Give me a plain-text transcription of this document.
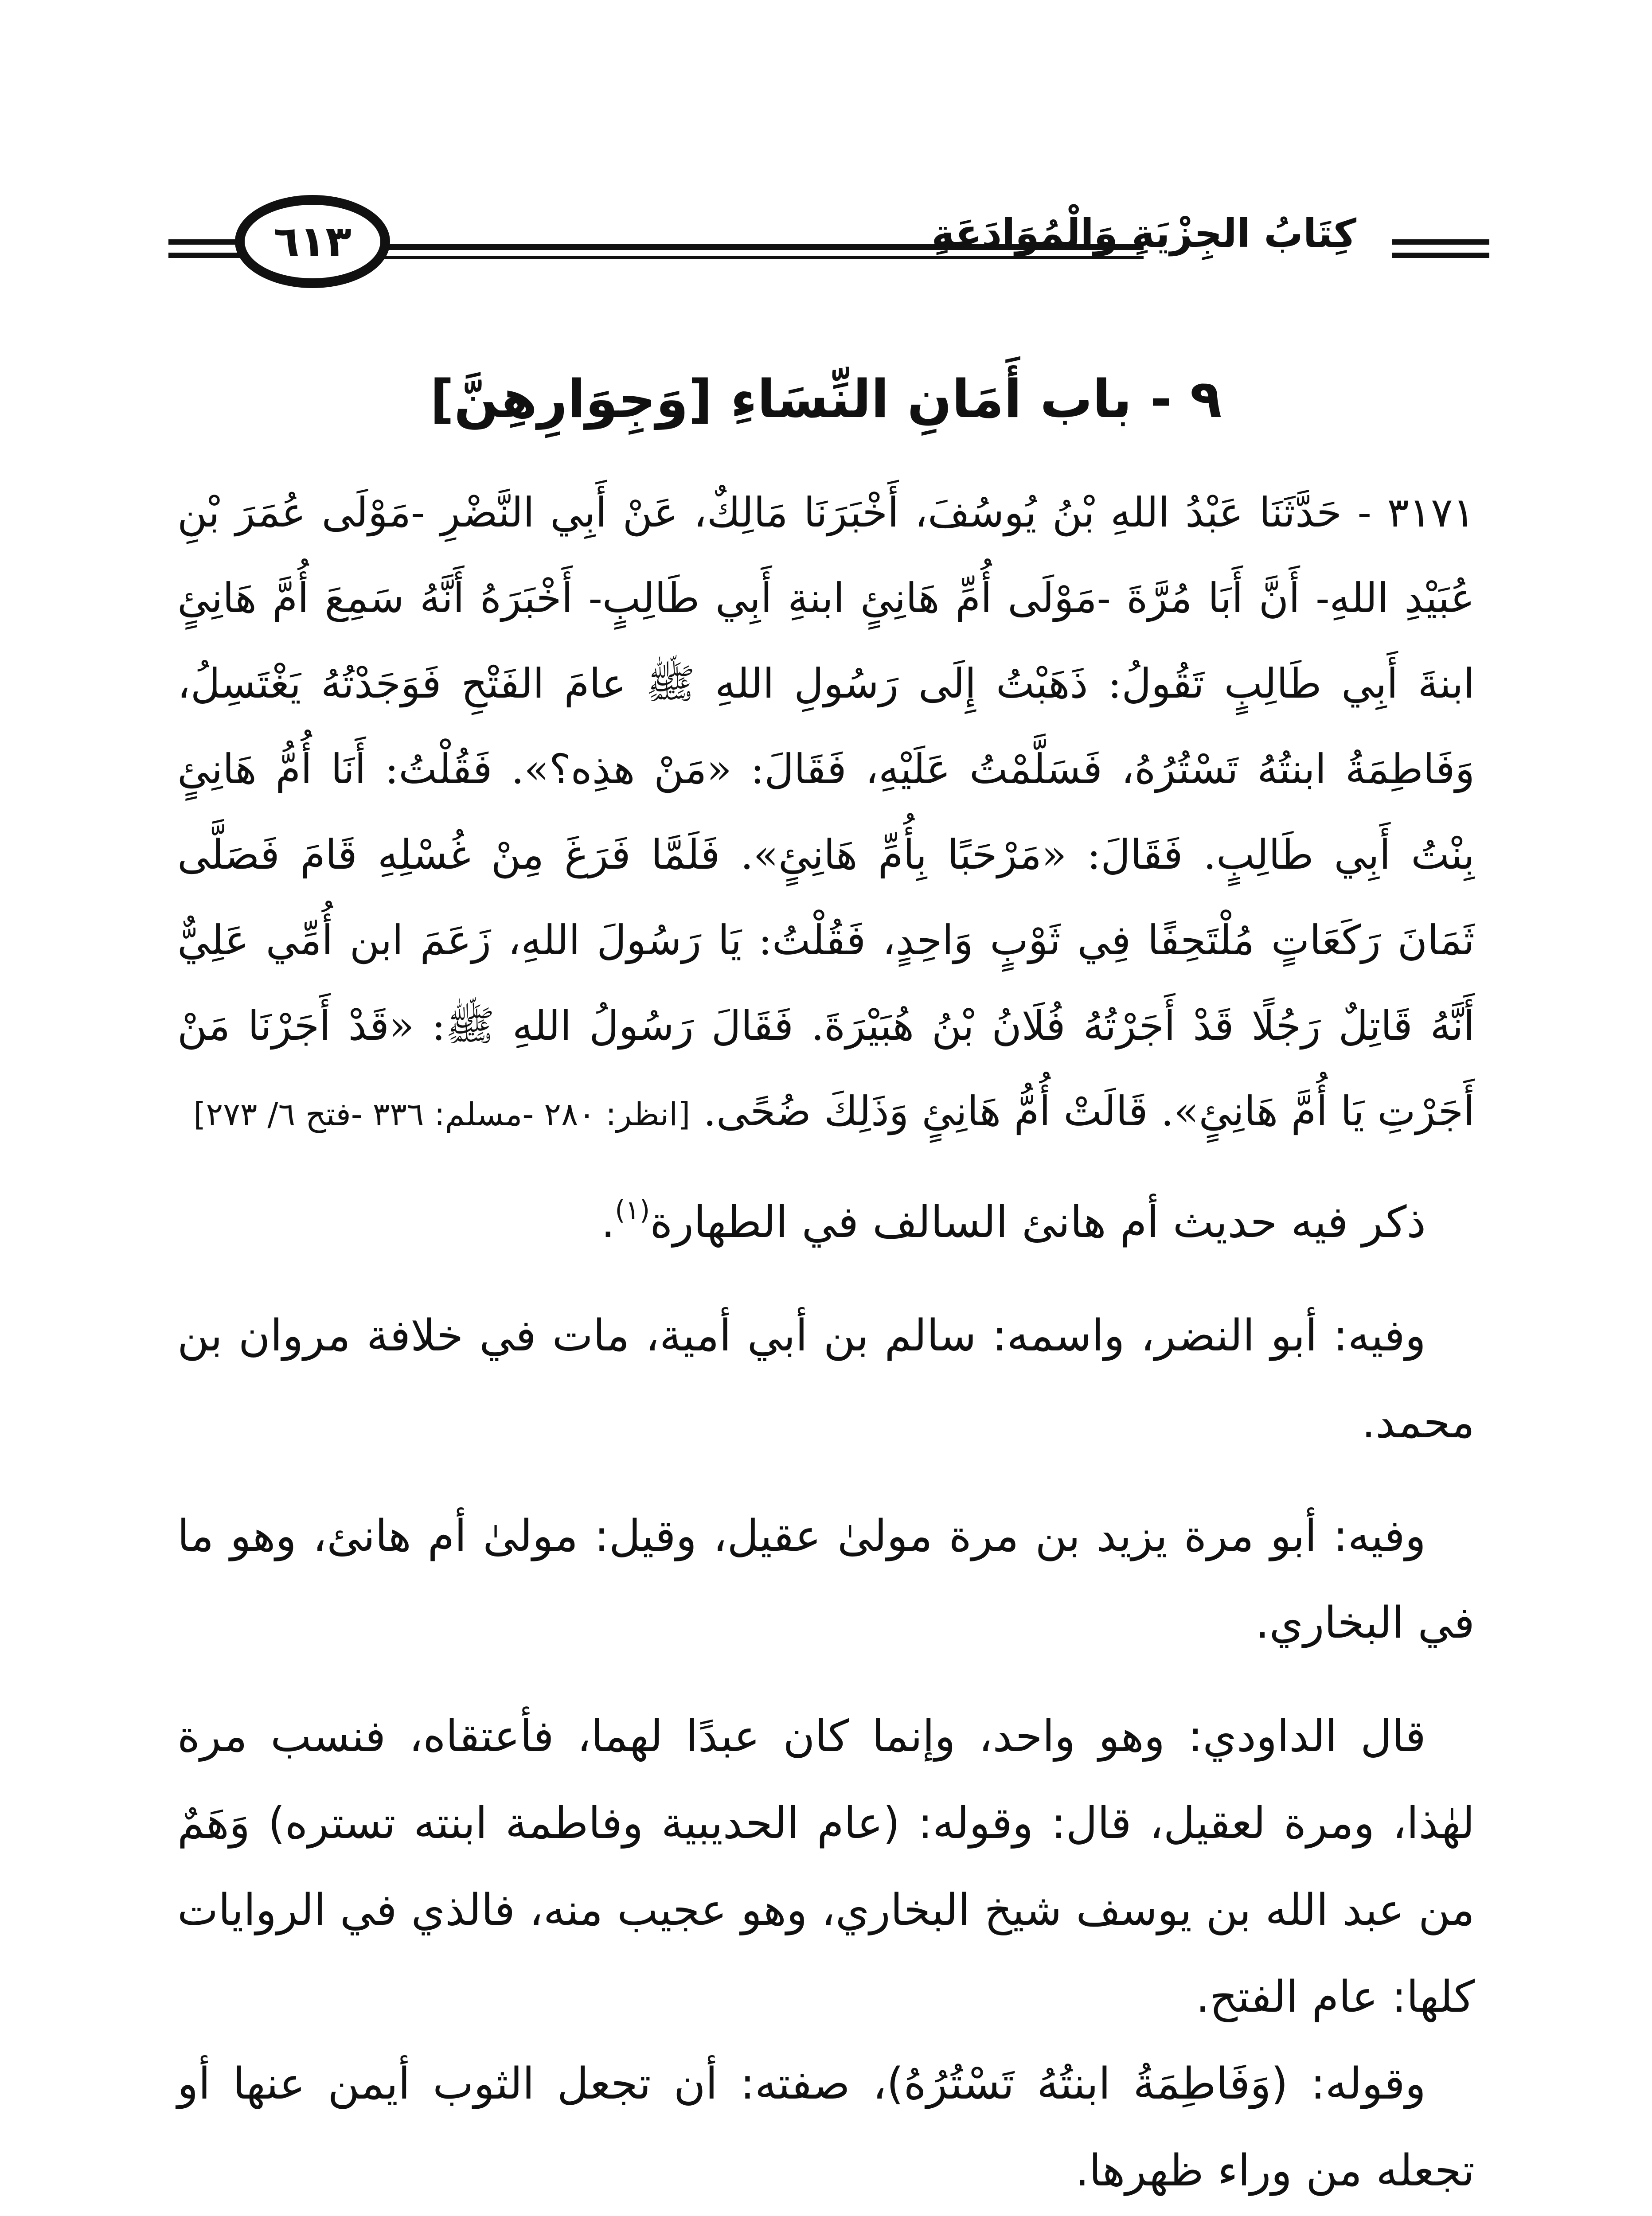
كِتَابُ الجِزْيَةِ وَالْمُوَادَعَةِ
٦١٣
٩ - باب أَمَانِ النِّسَاءِ [وَجِوَارِهِنَّ]
٣١٧١ - حَدَّثَنَا عَبْدُ اللهِ بْنُ يُوسُفَ، أَخْبَرَنَا مَالِكٌ، عَنْ أَبِي النَّضْرِ -مَوْلَى عُمَرَ بْنِ عُبَيْدِ اللهِ- أَنَّ أَبَا مُرَّةَ -مَوْلَى أُمِّ هَانِئٍ ابنةِ أَبِي طَالِبٍ- أَخْبَرَهُ أَنَّهُ سَمِعَ أُمَّ هَانِئٍ ابنةَ أَبِي طَالِبٍ تَقُولُ: ذَهَبْتُ إِلَى رَسُولِ اللهِ ﷺ عامَ الفَتْحِ فَوَجَدْتُهُ يَغْتَسِلُ، وَفَاطِمَةُ ابنتُهُ تَسْتُرُهُ، فَسَلَّمْتُ عَلَيْهِ، فَقَالَ: «مَنْ هذِه؟». فَقُلْتُ: أَنَا أُمُّ هَانِئٍ بِنْتُ أَبِي طَالِبٍ. فَقَالَ: «مَرْحَبًا بِأُمِّ هَانِئٍ». فَلَمَّا فَرَغَ مِنْ غُسْلِهِ قَامَ فَصَلَّى ثَمَانَ رَكَعَاتٍ مُلْتَحِفًا فِي ثَوْبٍ وَاحِدٍ، فَقُلْتُ: يَا رَسُولَ اللهِ، زَعَمَ ابن أُمِّي عَلِيٌّ أَنَّهُ قَاتِلٌ رَجُلًا قَدْ أَجَرْتُهُ فُلَانُ بْنُ هُبَيْرَةَ. فَقَالَ رَسُولُ اللهِ ﷺ: «قَدْ أَجَرْنَا مَنْ أَجَرْتِ يَا أُمَّ هَانِئٍ». قَالَتْ أُمُّ هَانِئٍ وَذَلِكَ ضُحًى. [انظر: ٢٨٠ -مسلم: ٣٣٦ -فتح ٦/ ٢٧٣]

ذكر فيه حديث أم هانئ السالف في الطهارة$^{(١)}$.

وفيه: أبو النضر، واسمه: سالم بن أبي أمية، مات في خلافة مروان بن محمد.

وفيه: أبو مرة يزيد بن مرة مولىٰ عقيل، وقيل: مولىٰ أم هانئ، وهو ما في البخاري.

قال الداودي: وهو واحد، وإنما كان عبدًا لهما، فأعتقاه، فنسب مرة لهٰذا، ومرة لعقيل، قال: وقوله: (عام الحديبية وفاطمة ابنته تستره) وَهَمٌ من عبد الله بن يوسف شيخ البخاري، وهو عجيب منه، فالذي في الروايات كلها: عام الفتح.

وقوله: (وَفَاطِمَةُ ابنتُهُ تَسْتُرُهُ)، صفته: أن تجعل الثوب أيمن عنها أو تجعله من وراء ظهرها.
